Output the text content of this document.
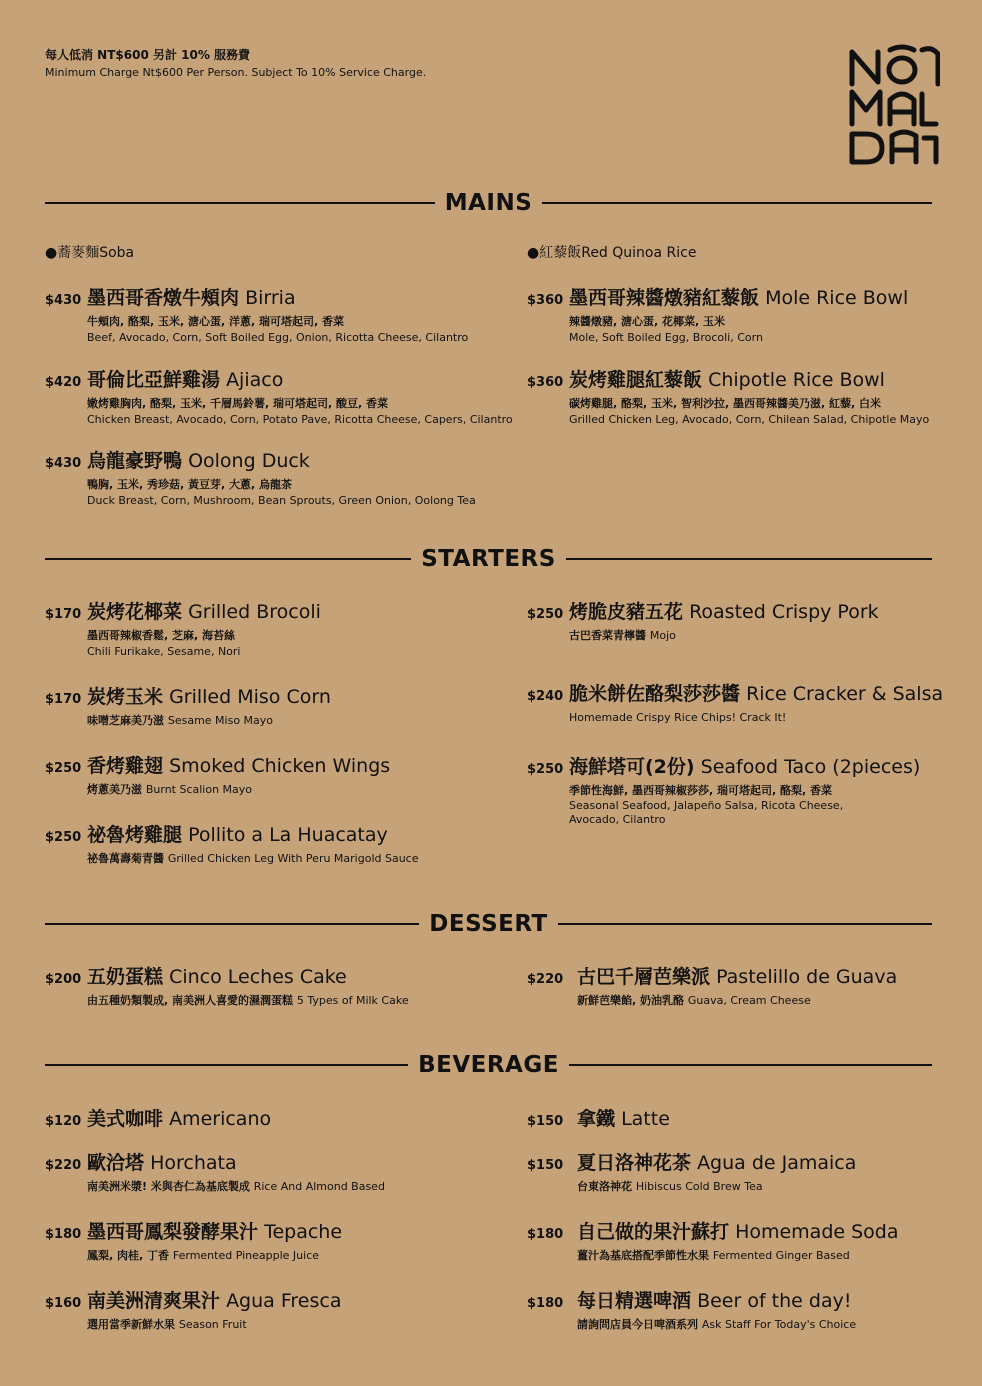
每人低消 NT$600 另計 10% 服務費
Minimum Charge Nt$600 Per Person. Subject To 10% Service Charge.
MAINS
●蕎麥麵Soba	●紅藜飯Red Quinoa Rice
$430 墨西哥香燉牛頰肉 Birria
牛頰肉, 酪梨, 玉米, 溏心蛋, 洋蔥, 瑞可塔起司, 香菜
Beef, Avocado, Corn, Soft Boiled Egg, Onion, Ricotta Cheese, Cilantro
$420 哥倫比亞鮮雞湯 Ajiaco
嫩烤雞胸肉, 酪梨, 玉米, 千層馬鈴薯, 瑞可塔起司, 酸豆, 香菜
Chicken Breast, Avocado, Corn, Potato Pave, Ricotta Cheese, Capers, Cilantro
$430 烏龍豪野鴨 Oolong Duck
鴨胸, 玉米, 秀珍菇, 黃豆芽, 大蔥, 烏龍茶
Duck Breast, Corn, Mushroom, Bean Sprouts, Green Onion, Oolong Tea
$360 墨西哥辣醬燉豬紅藜飯 Mole Rice Bowl
辣醬燉豬, 溏心蛋, 花椰菜, 玉米
Mole, Soft Boiled Egg, Brocoli, Corn
$360 炭烤雞腿紅藜飯 Chipotle Rice Bowl
碳烤雞腿, 酪梨, 玉米, 智利沙拉, 墨西哥辣醬美乃滋, 紅藜, 白米
Grilled Chicken Leg, Avocado, Corn, Chilean Salad, Chipotle Mayo
STARTERS
$170 炭烤花椰菜 Grilled Brocoli
墨西哥辣椒香鬆, 芝麻, 海苔絲
Chili Furikake, Sesame, Nori
$170 炭烤玉米 Grilled Miso Corn
味噌芝麻美乃滋 Sesame Miso Mayo
$250 香烤雞翅 Smoked Chicken Wings
烤蔥美乃滋 Burnt Scalion Mayo
$250 祕魯烤雞腿 Pollito a La Huacatay
祕魯萬壽菊青醬 Grilled Chicken Leg With Peru Marigold Sauce
$250 烤脆皮豬五花 Roasted Crispy Pork
古巴香菜青檸醬 Mojo
$240 脆米餅佐酪梨莎莎醬 Rice Cracker & Salsa
Homemade Crispy Rice Chips! Crack It!
$250 海鮮塔可(2份) Seafood Taco (2pieces)
季節性海鮮, 墨西哥辣椒莎莎, 瑞可塔起司, 酪梨, 香菜
Seasonal Seafood, Jalapeño Salsa, Ricota Cheese,
Avocado, Cilantro
DESSERT
$200 五奶蛋糕 Cinco Leches Cake
由五種奶類製成, 南美洲人喜愛的濕潤蛋糕 5 Types of Milk Cake
$220 古巴千層芭樂派 Pastelillo de Guava
新鮮芭樂餡, 奶油乳酪 Guava, Cream Cheese
BEVERAGE
$120 美式咖啡 Americano
$220 歐洽塔 Horchata
南美洲米漿! 米與杏仁為基底製成 Rice And Almond Based
$180 墨西哥鳳梨發酵果汁 Tepache
鳳梨, 肉桂, 丁香 Fermented Pineapple Juice
$160 南美洲清爽果汁 Agua Fresca
選用當季新鮮水果 Season Fruit
$150 拿鐵 Latte
$150 夏日洛神花茶 Agua de Jamaica
台東洛神花 Hibiscus Cold Brew Tea
$180 自己做的果汁蘇打 Homemade Soda
薑汁為基底搭配季節性水果 Fermented Ginger Based
$180 每日精選啤酒 Beer of the day!
請詢問店員今日啤酒系列 Ask Staff For Today's Choice
